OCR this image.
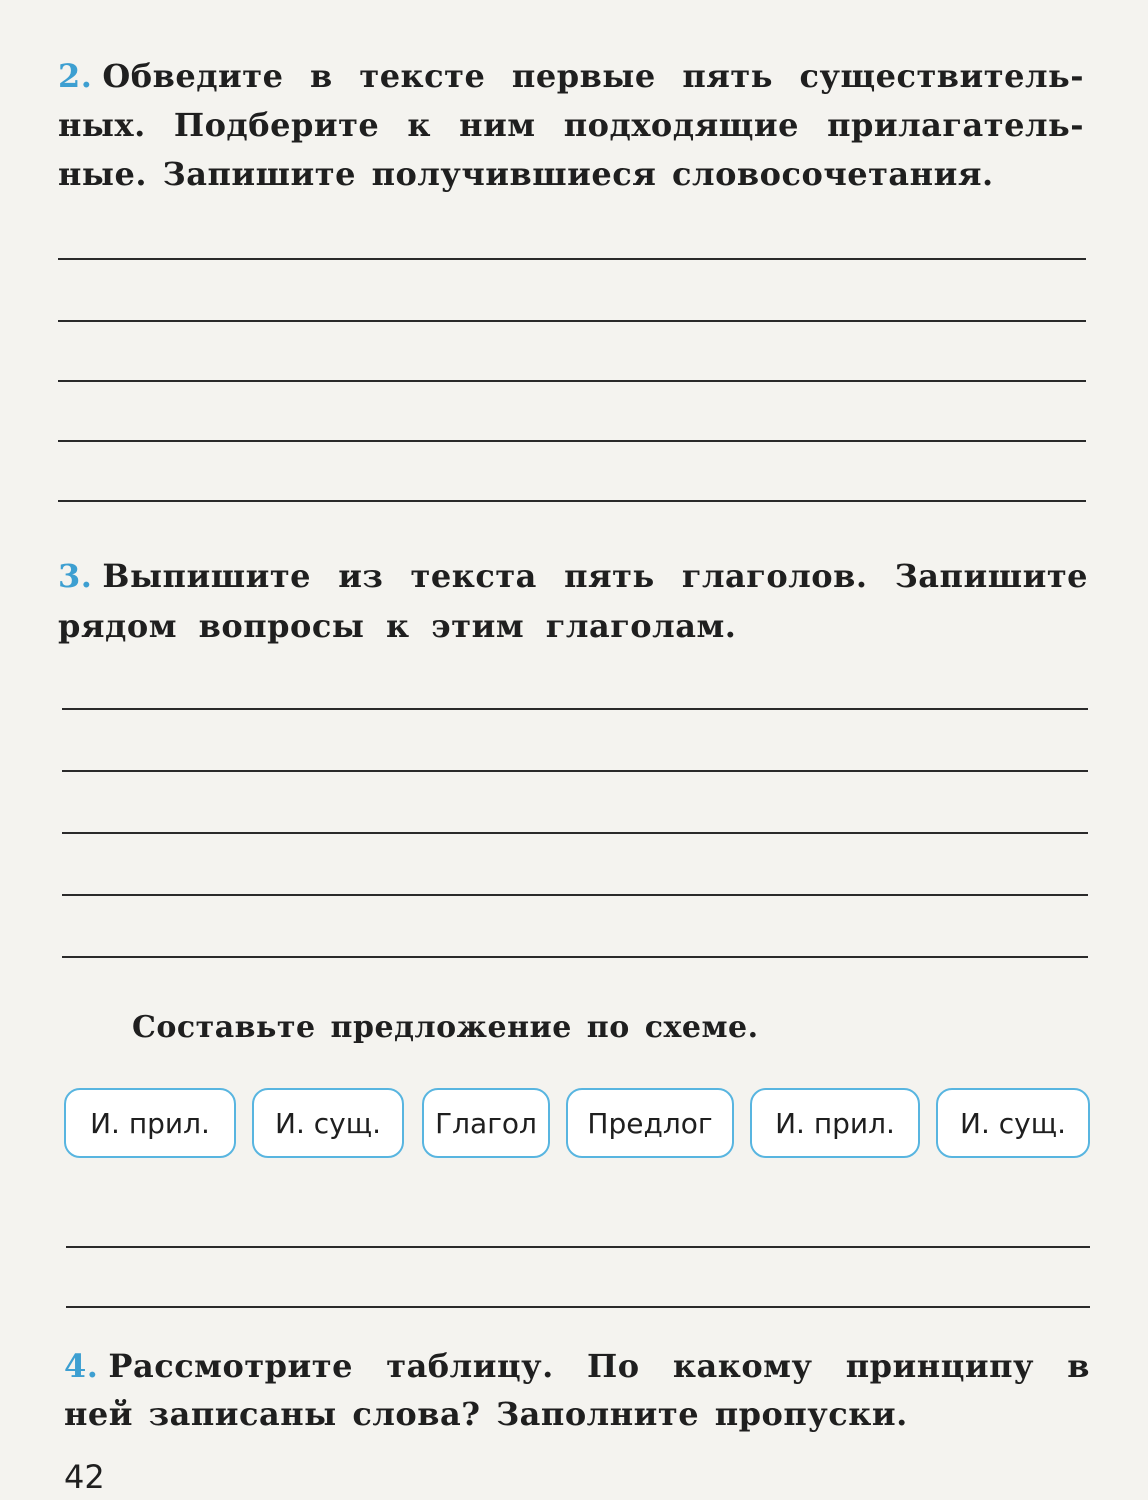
2. Обведите в тексте первые пять существитель-
ных. Подберите к ним подходящие прилагатель-
ные. Запишите получившиеся словосочетания.
3. Выпишите из текста пять глаголов. Запишите
рядом вопросы к этим глаголам.
Составьте предложение по схеме.
И. прил.	И. сущ.	Глагол	Предлог	И. прил.	И. сущ.
4. Рассмотрите таблицу. По какому принципу в
ней записаны слова? Заполните пропуски.
42
